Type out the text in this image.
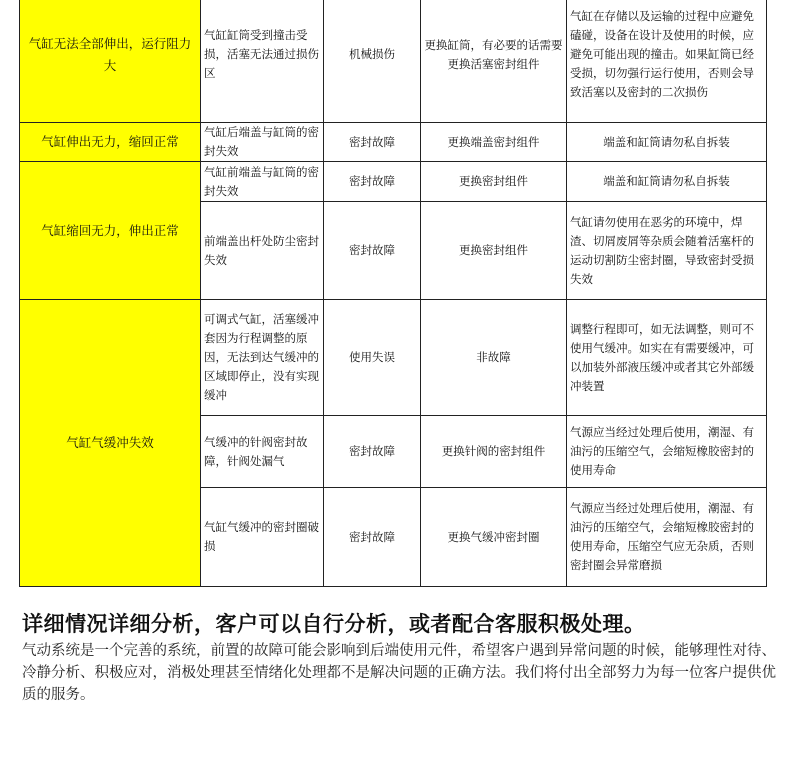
气缸无法全部伸出，运行阻力大	气缸缸筒受到撞击受损，活塞无法通过损伤区	机械损伤	更换缸筒，有必要的话需要更换活塞密封组件	气缸在存储以及运输的过程中应避免磕碰，设备在设计及使用的时候，应避免可能出现的撞击。如果缸筒已经受损，切勿强行运行使用，否则会导致活塞以及密封的二次损伤
气缸伸出无力，缩回正常	气缸后端盖与缸筒的密封失效	密封故障	更换端盖密封组件	端盖和缸筒请勿私自拆装
气缸缩回无力，伸出正常	气缸前端盖与缸筒的密封失效	密封故障	更换密封组件	端盖和缸筒请勿私自拆装
	前端盖出杆处防尘密封失效	密封故障	更换密封组件	气缸请勿使用在恶劣的环境中，焊渣、切屑废屑等杂质会随着活塞杆的运动切割防尘密封圈，导致密封受损失效
气缸气缓冲失效	可调式气缸，活塞缓冲套因为行程调整的原因，无法到达气缓冲的区域即停止，没有实现缓冲	使用失误	非故障	调整行程即可，如无法调整，则可不使用气缓冲。如实在有需要缓冲，可以加装外部液压缓冲或者其它外部缓冲装置
	气缓冲的针阀密封故障，针阀处漏气	密封故障	更换针阀的密封组件	气源应当经过处理后使用，潮湿、有油污的压缩空气，会缩短橡胶密封的使用寿命
	气缸气缓冲的密封圈破损	密封故障	更换气缓冲密封圈	气源应当经过处理后使用，潮湿、有油污的压缩空气，会缩短橡胶密封的使用寿命，压缩空气应无杂质，否则密封圈会异常磨损
详细情况详细分析，客户可以自行分析，或者配合客服积极处理。
气动系统是一个完善的系统，前置的故障可能会影响到后端使用元件，希望客户遇到异常问题的时候，能够理性对待、冷静分析、积极应对，消极处理甚至情绪化处理都不是解决问题的正确方法。我们将付出全部努力为每一位客户提供优质的服务。
